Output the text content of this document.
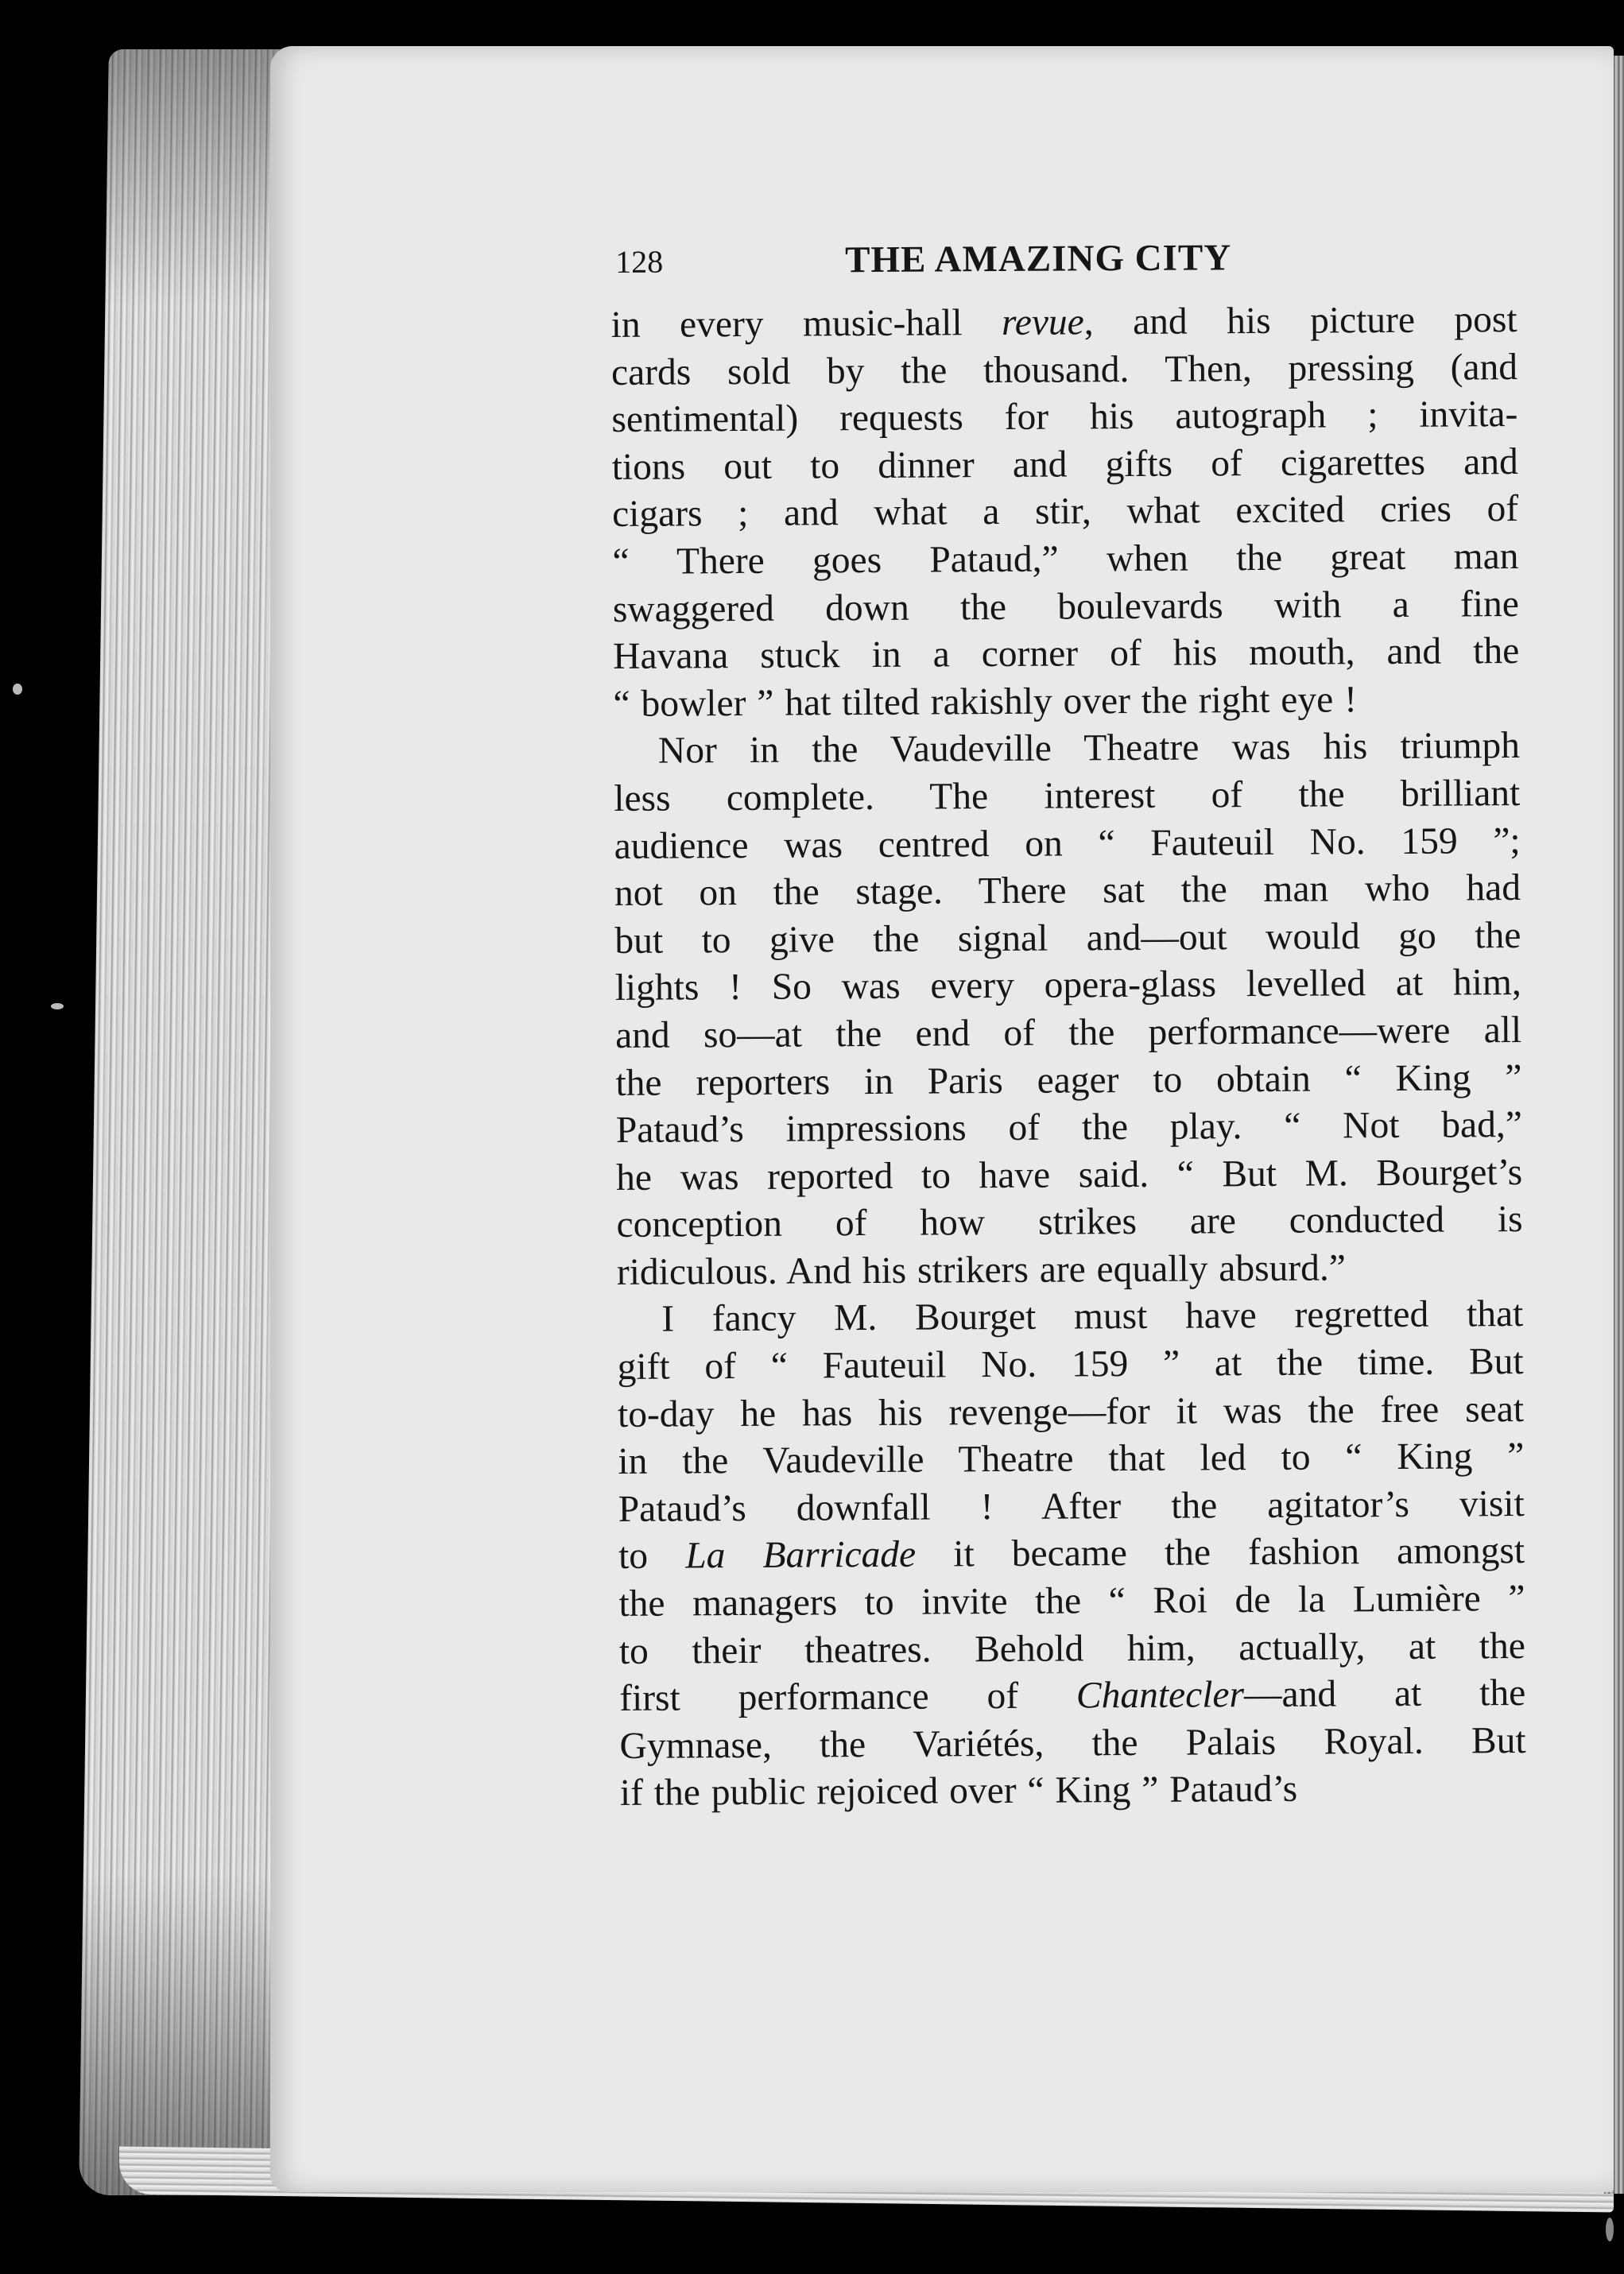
128	THE AMAZING CITY
in every music-hall revue, and his picture post
cards sold by the thousand. Then, pressing (and
sentimental) requests for his autograph ; invita-
tions out to dinner and gifts of cigarettes and
cigars ; and what a stir, what excited cries of
“ There goes Pataud,” when the great man
swaggered down the boulevards with a fine
Havana stuck in a corner of his mouth, and the
“ bowler ” hat tilted rakishly over the right eye !
Nor in the Vaudeville Theatre was his triumph
less complete. The interest of the brilliant
audience was centred on “ Fauteuil No. 159 ”;
not on the stage. There sat the man who had
but to give the signal and—out would go the
lights ! So was every opera-glass levelled at him,
and so—at the end of the performance—were all
the reporters in Paris eager to obtain “ King ”
Pataud’s impressions of the play. “ Not bad,”
he was reported to have said. “ But M. Bourget’s
conception of how strikes are conducted is
ridiculous. And his strikers are equally absurd.”
I fancy M. Bourget must have regretted that
gift of “ Fauteuil No. 159 ” at the time. But
to-day he has his revenge—for it was the free seat
in the Vaudeville Theatre that led to “ King ”
Pataud’s downfall ! After the agitator’s visit
to La Barricade it became the fashion amongst
the managers to invite the “ Roi de la Lumière ”
to their theatres. Behold him, actually, at the
first performance of Chantecler—and at the
Gymnase, the Variétés, the Palais Royal. But
if the public rejoiced over “ King ” Pataud’s
